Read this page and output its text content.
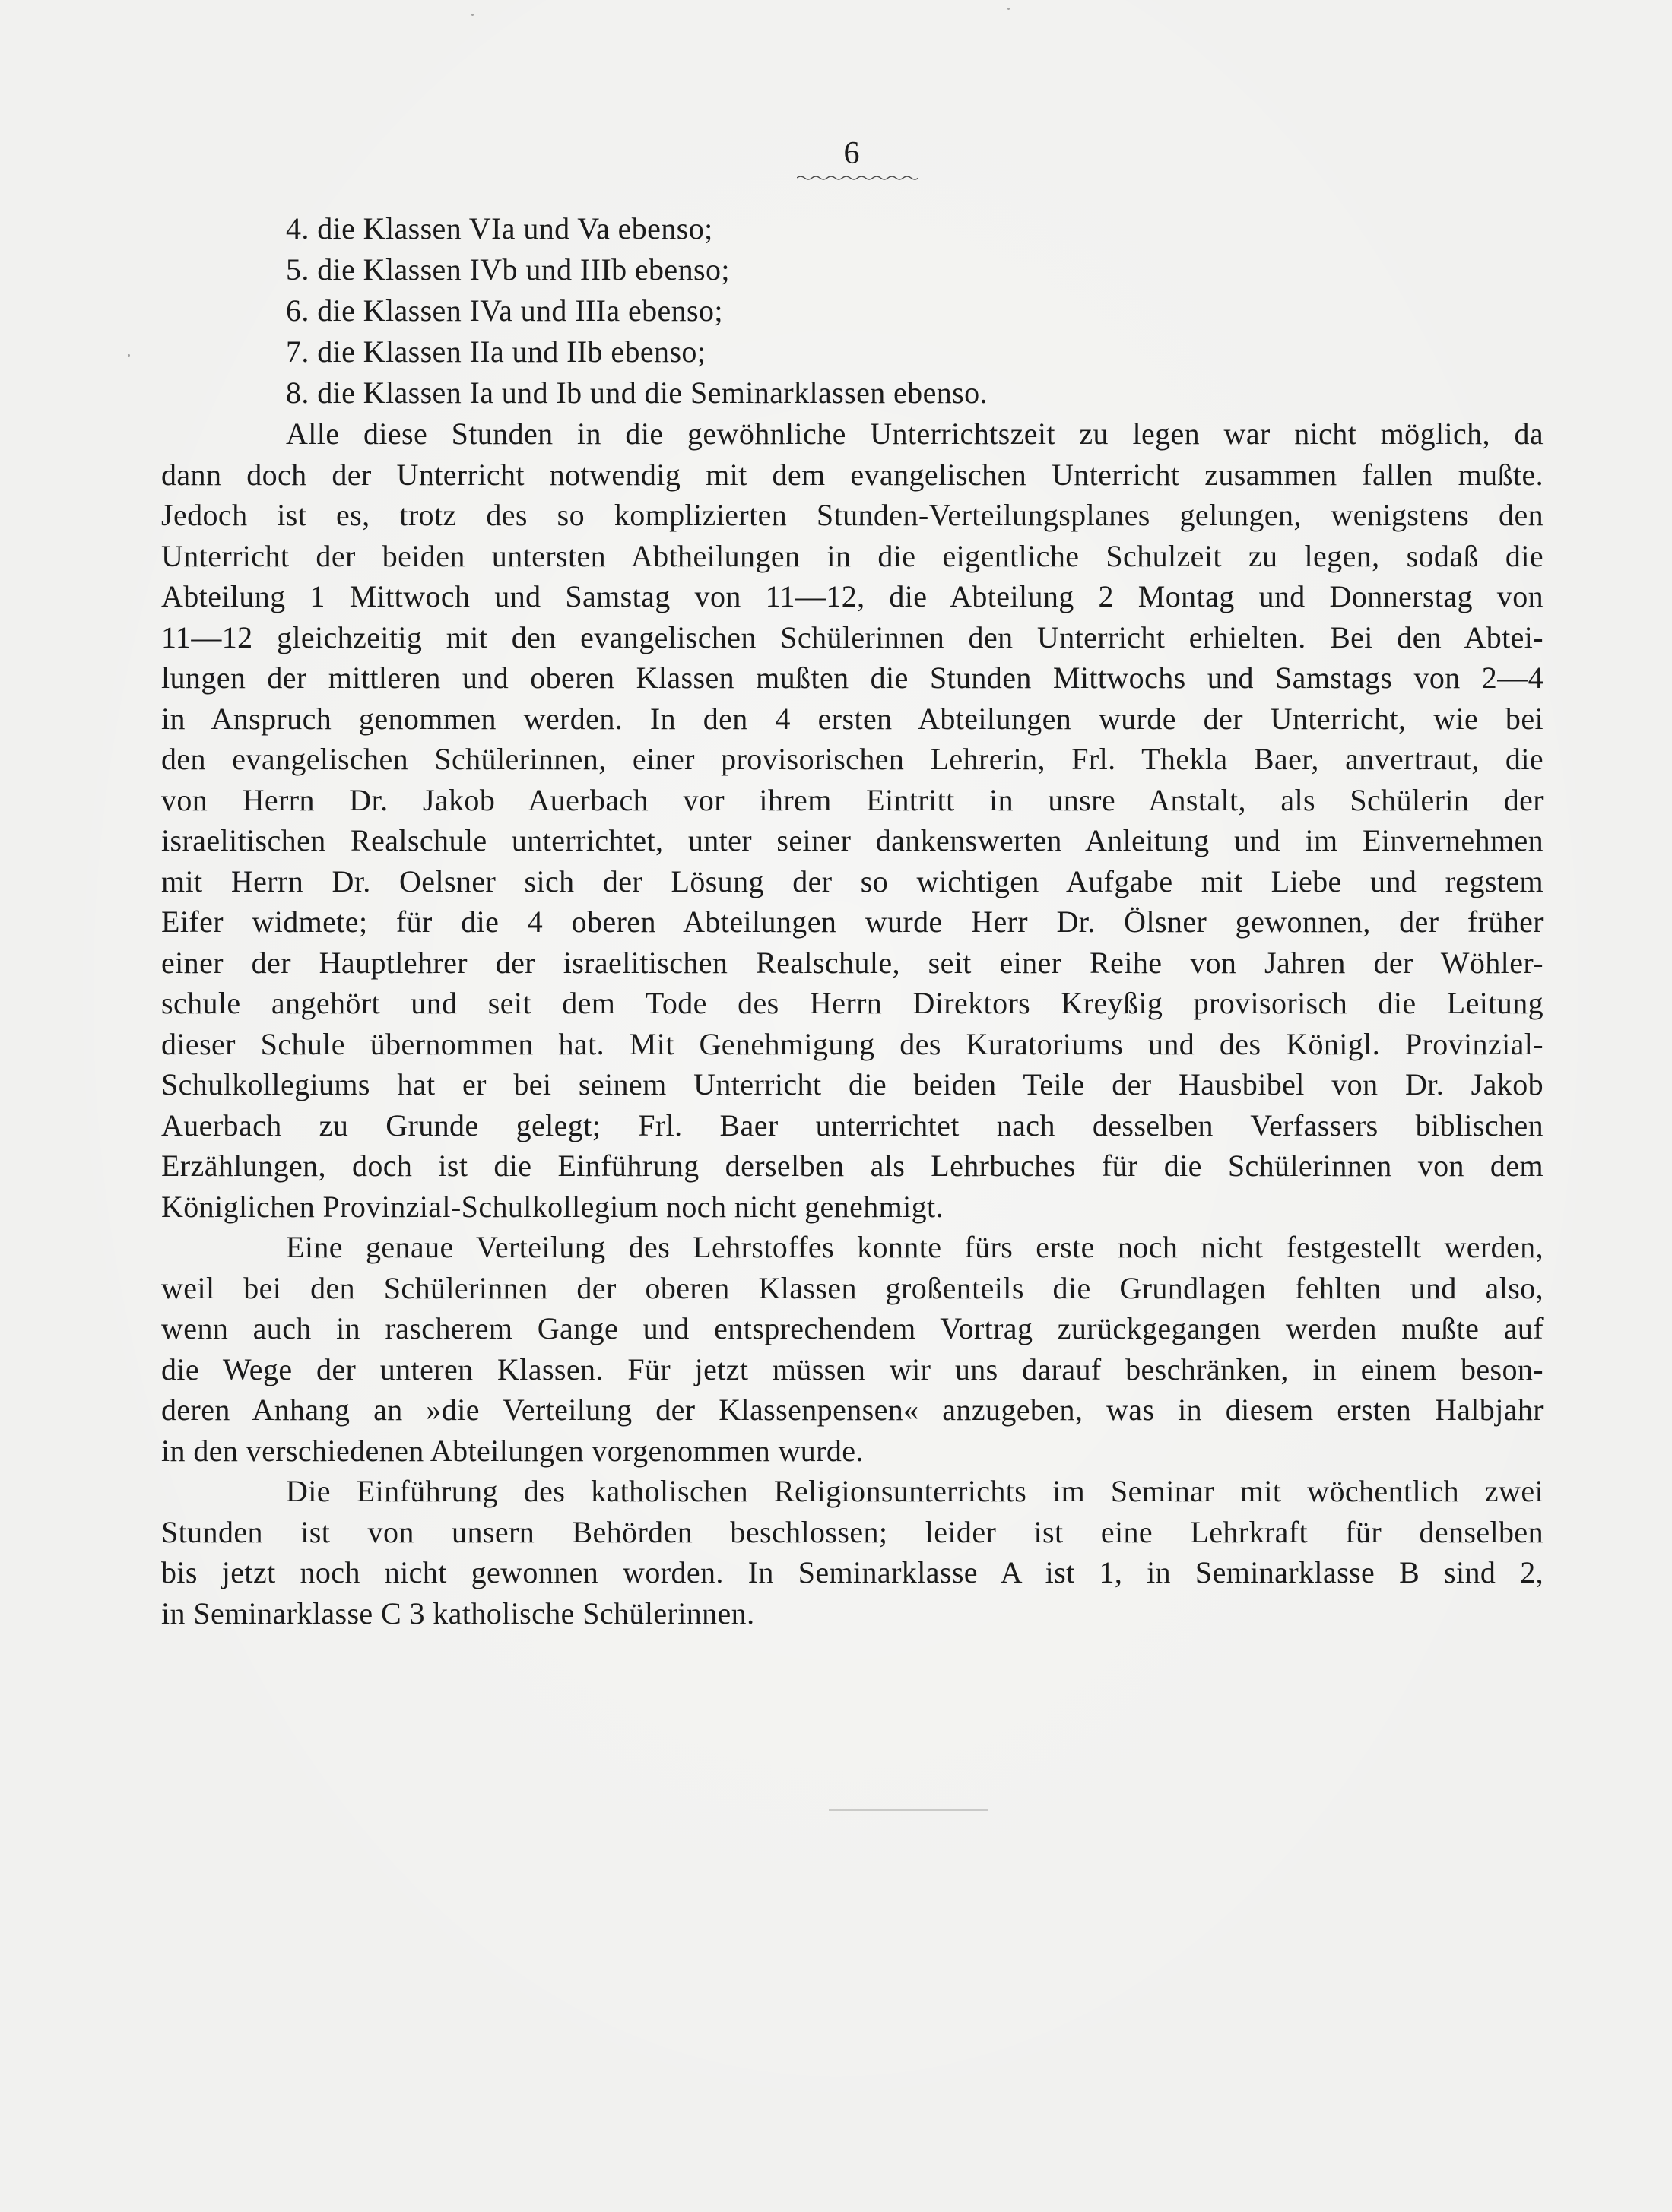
6
4. die Klassen VIa und Va ebenso;
5. die Klassen IVb und IIIb ebenso;
6. die Klassen IVa und IIIa ebenso;
7. die Klassen IIa und IIb ebenso;
8. die Klassen Ia und Ib und die Seminarklassen ebenso.
Alle diese Stunden in die gewöhnliche Unterrichtszeit zu legen war nicht möglich, da
dann doch der Unterricht notwendig mit dem evangelischen Unterricht zusammen fallen mußte.
Jedoch ist es, trotz des so komplizierten Stunden-Verteilungsplanes gelungen, wenigstens den
Unterricht der beiden untersten Abtheilungen in die eigentliche Schulzeit zu legen, sodaß die
Abteilung 1 Mittwoch und Samstag von 11—12, die Abteilung 2 Montag und Donnerstag von
11—12 gleichzeitig mit den evangelischen Schülerinnen den Unterricht erhielten. Bei den Abtei-
lungen der mittleren und oberen Klassen mußten die Stunden Mittwochs und Samstags von 2—4
in Anspruch genommen werden. In den 4 ersten Abteilungen wurde der Unterricht, wie bei
den evangelischen Schülerinnen, einer provisorischen Lehrerin, Frl. Thekla Baer, anvertraut, die
von Herrn Dr. Jakob Auerbach vor ihrem Eintritt in unsre Anstalt, als Schülerin der
israelitischen Realschule unterrichtet, unter seiner dankenswerten Anleitung und im Einvernehmen
mit Herrn Dr. Oelsner sich der Lösung der so wichtigen Aufgabe mit Liebe und regstem
Eifer widmete; für die 4 oberen Abteilungen wurde Herr Dr. Ölsner gewonnen, der früher
einer der Hauptlehrer der israelitischen Realschule, seit einer Reihe von Jahren der Wöhler-
schule angehört und seit dem Tode des Herrn Direktors Kreyßig provisorisch die Leitung
dieser Schule übernommen hat. Mit Genehmigung des Kuratoriums und des Königl. Provinzial-
Schulkollegiums hat er bei seinem Unterricht die beiden Teile der Hausbibel von Dr. Jakob
Auerbach zu Grunde gelegt; Frl. Baer unterrichtet nach desselben Verfassers biblischen
Erzählungen, doch ist die Einführung derselben als Lehrbuches für die Schülerinnen von dem
Königlichen Provinzial-Schulkollegium noch nicht genehmigt.
Eine genaue Verteilung des Lehrstoffes konnte fürs erste noch nicht festgestellt werden,
weil bei den Schülerinnen der oberen Klassen großenteils die Grundlagen fehlten und also,
wenn auch in rascherem Gange und entsprechendem Vortrag zurückgegangen werden mußte auf
die Wege der unteren Klassen. Für jetzt müssen wir uns darauf beschränken, in einem beson-
deren Anhang an »die Verteilung der Klassenpensen« anzugeben, was in diesem ersten Halbjahr
in den verschiedenen Abteilungen vorgenommen wurde.
Die Einführung des katholischen Religionsunterrichts im Seminar mit wöchentlich zwei
Stunden ist von unsern Behörden beschlossen; leider ist eine Lehrkraft für denselben
bis jetzt noch nicht gewonnen worden. In Seminarklasse A ist 1, in Seminarklasse B sind 2,
in Seminarklasse C 3 katholische Schülerinnen.
